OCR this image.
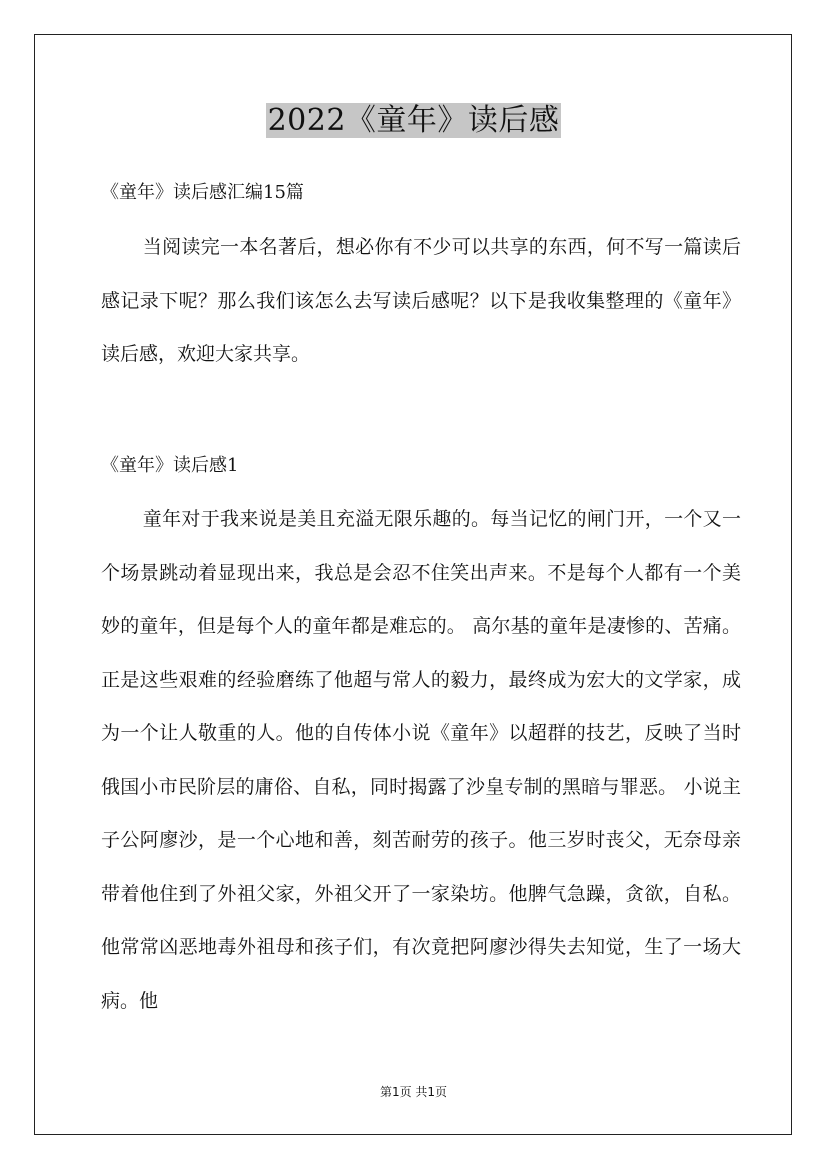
2022《童年》读后感
《童年》读后感汇编15篇

当阅读完一本名著后，想必你有不少可以共享的东西，何不写一篇读后感记录下呢？那么我们该怎么去写读后感呢？以下是我收集整理的《童年》读后感，欢迎大家共享。

《童年》读后感1

童年对于我来说是美且充溢无限乐趣的。每当记忆的闸门开，一个又一个场景跳动着显现出来，我总是会忍不住笑出声来。不是每个人都有一个美妙的童年，但是每个人的童年都是难忘的。 高尔基的童年是凄惨的、苦痛。正是这些艰难的经验磨练了他超与常人的毅力，最终成为宏大的文学家，成为一个让人敬重的人。他的自传体小说《童年》以超群的技艺，反映了当时俄国小市民阶层的庸俗、自私，同时揭露了沙皇专制的黑暗与罪恶。 小说主子公阿廖沙，是一个心地和善，刻苦耐劳的孩子。他三岁时丧父，无奈母亲带着他住到了外祖父家，外祖父开了一家染坊。他脾气急躁，贪欲，自私。他常常凶恶地毒外祖母和孩子们，有次竟把阿廖沙得失去知觉，生了一场大病。他

第1页 共1页
